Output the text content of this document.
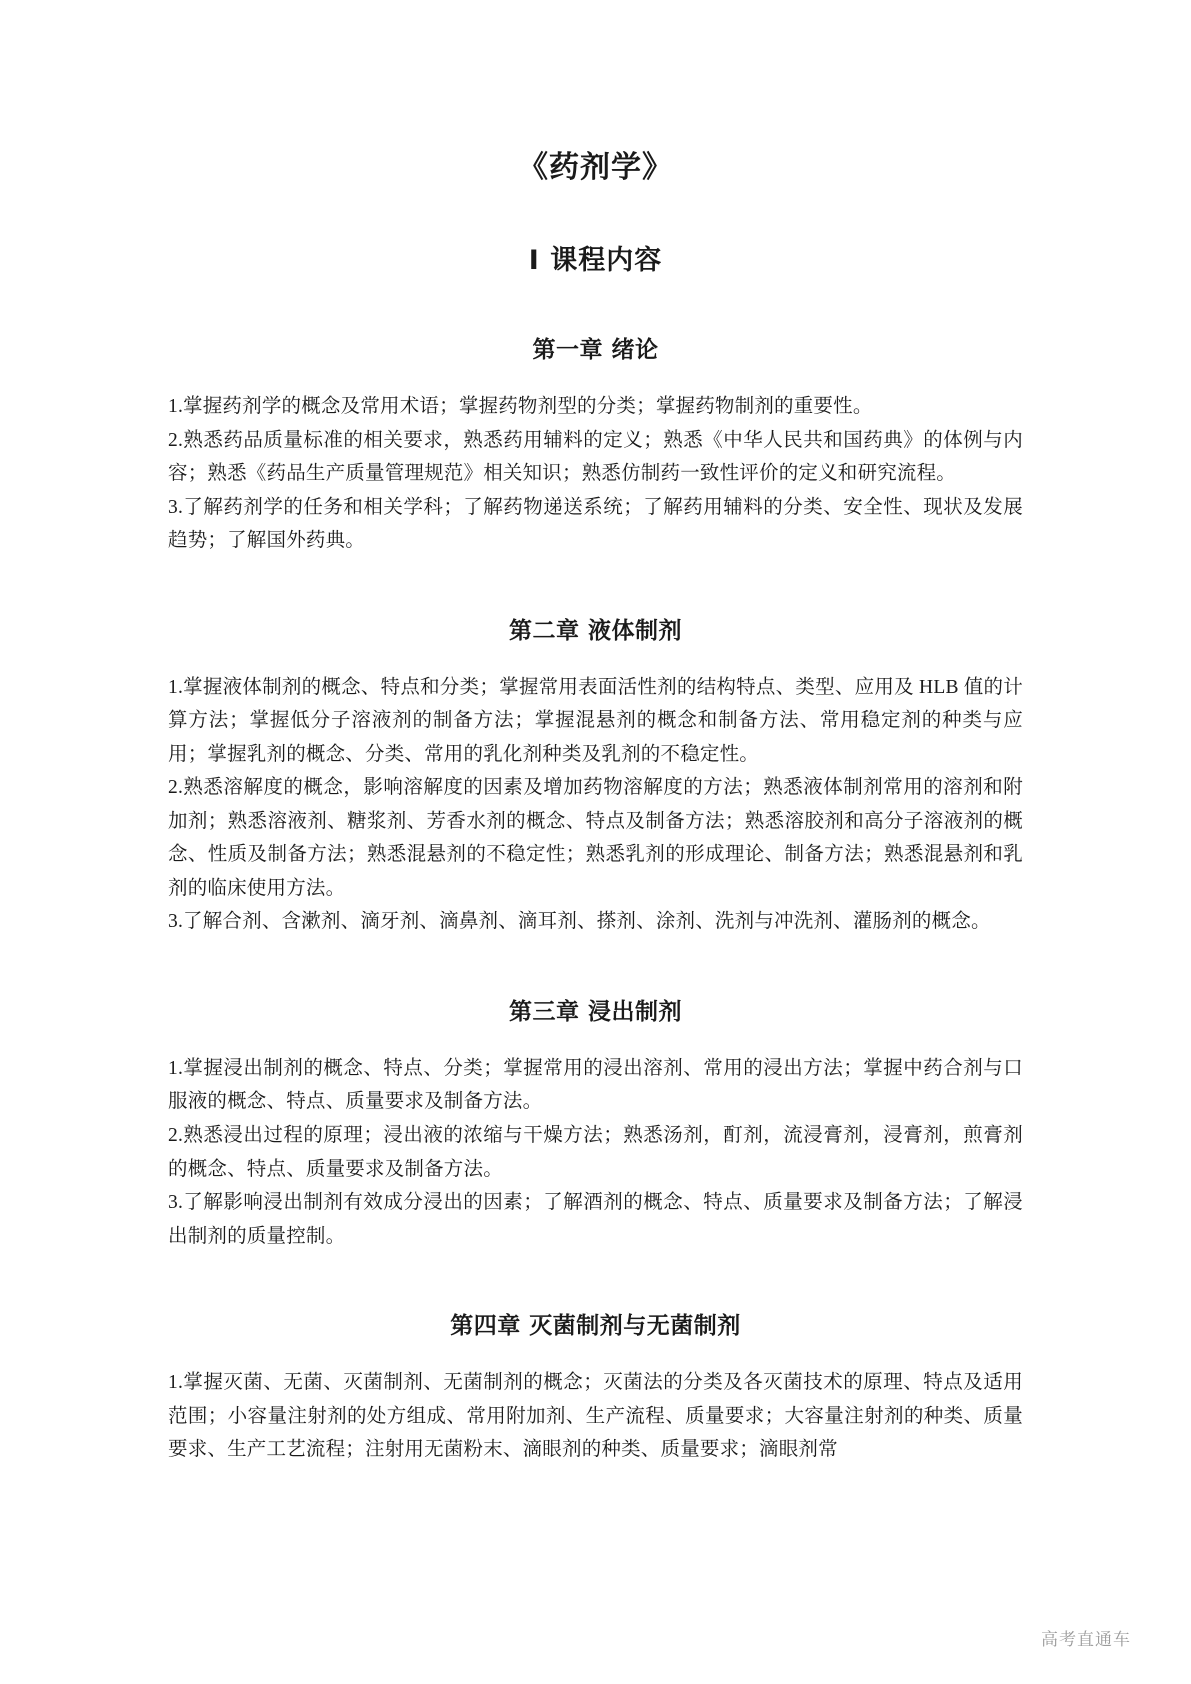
《药剂学》
Ⅰ 课程内容
第一章 绪论

1.掌握药剂学的概念及常用术语；掌握药物剂型的分类；掌握药物制剂的重要性。

2.熟悉药品质量标准的相关要求，熟悉药用辅料的定义；熟悉《中华人民共和国药典》的体例与内容；熟悉《药品生产质量管理规范》相关知识；熟悉仿制药一致性评价的定义和研究流程。

3.了解药剂学的任务和相关学科；了解药物递送系统；了解药用辅料的分类、安全性、现状及发展趋势；了解国外药典。

第二章 液体制剂

1.掌握液体制剂的概念、特点和分类；掌握常用表面活性剂的结构特点、类型、应用及 HLB 值的计算方法；掌握低分子溶液剂的制备方法；掌握混悬剂的概念和制备方法、常用稳定剂的种类与应用；掌握乳剂的概念、分类、常用的乳化剂种类及乳剂的不稳定性。

2.熟悉溶解度的概念，影响溶解度的因素及增加药物溶解度的方法；熟悉液体制剂常用的溶剂和附加剂；熟悉溶液剂、糖浆剂、芳香水剂的概念、特点及制备方法；熟悉溶胶剂和高分子溶液剂的概念、性质及制备方法；熟悉混悬剂的不稳定性；熟悉乳剂的形成理论、制备方法；熟悉混悬剂和乳剂的临床使用方法。

3.了解合剂、含漱剂、滴牙剂、滴鼻剂、滴耳剂、搽剂、涂剂、洗剂与冲洗剂、灌肠剂的概念。

第三章 浸出制剂

1.掌握浸出制剂的概念、特点、分类；掌握常用的浸出溶剂、常用的浸出方法；掌握中药合剂与口服液的概念、特点、质量要求及制备方法。

2.熟悉浸出过程的原理；浸出液的浓缩与干燥方法；熟悉汤剂，酊剂，流浸膏剂，浸膏剂，煎膏剂的概念、特点、质量要求及制备方法。

3.了解影响浸出制剂有效成分浸出的因素；了解酒剂的概念、特点、质量要求及制备方法；了解浸出制剂的质量控制。

第四章 灭菌制剂与无菌制剂

1.掌握灭菌、无菌、灭菌制剂、无菌制剂的概念；灭菌法的分类及各灭菌技术的原理、特点及适用范围；小容量注射剂的处方组成、常用附加剂、生产流程、质量要求；大容量注射剂的种类、质量要求、生产工艺流程；注射用无菌粉末、滴眼剂的种类、质量要求；滴眼剂常

高考直通车
